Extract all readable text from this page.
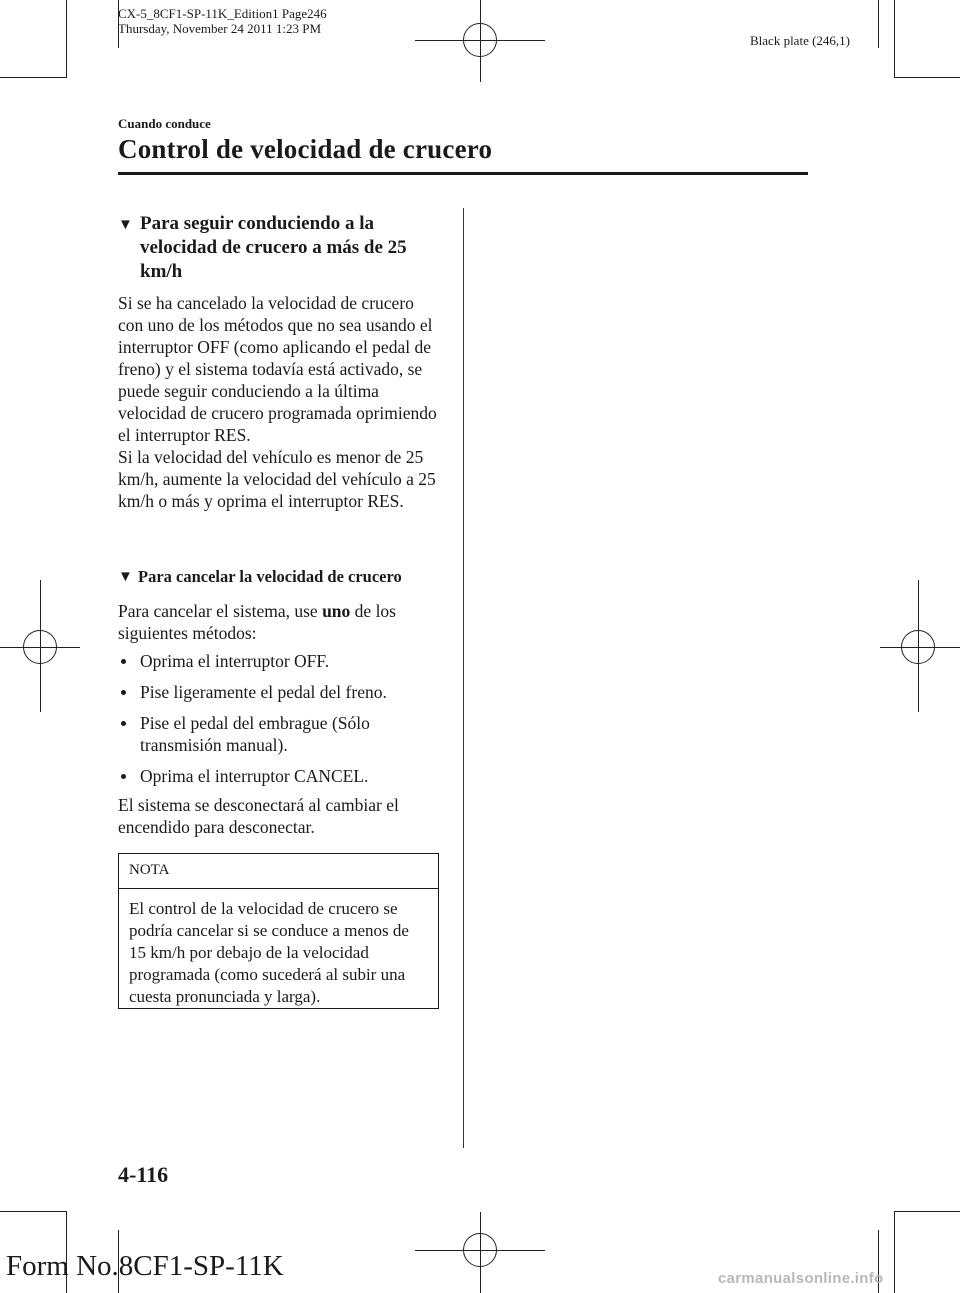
CX-5_8CF1-SP-11K_Edition1 Page246
Thursday, November 24 2011 1:23 PM
Black plate (246,1)
Cuando conduce
Control de velocidad de crucero
▼ Para seguir conduciendo a la velocidad de crucero a más de 25 km/h

Si se ha cancelado la velocidad de crucero con uno de los métodos que no sea usando el interruptor OFF (como aplicando el pedal de freno) y el sistema todavía está activado, se puede seguir conduciendo a la última velocidad de crucero programada oprimiendo el interruptor RES.

Si la velocidad del vehículo es menor de 25 km/h, aumente la velocidad del vehículo a 25 km/h o más y oprima el interruptor RES.

▼ Para cancelar la velocidad de crucero
Para cancelar el sistema, use uno de los siguientes métodos:
Oprima el interruptor OFF.
Pise ligeramente el pedal del freno.
Pise el pedal del embrague (Sólo transmisión manual).
Oprima el interruptor CANCEL.
El sistema se desconectará al cambiar el encendido para desconectar.
NOTA
El control de la velocidad de crucero se podría cancelar si se conduce a menos de 15 km/h por debajo de la velocidad programada (como sucederá al subir una cuesta pronunciada y larga).
4-116
Form No.8CF1-SP-11K	carmanualsonline.info
